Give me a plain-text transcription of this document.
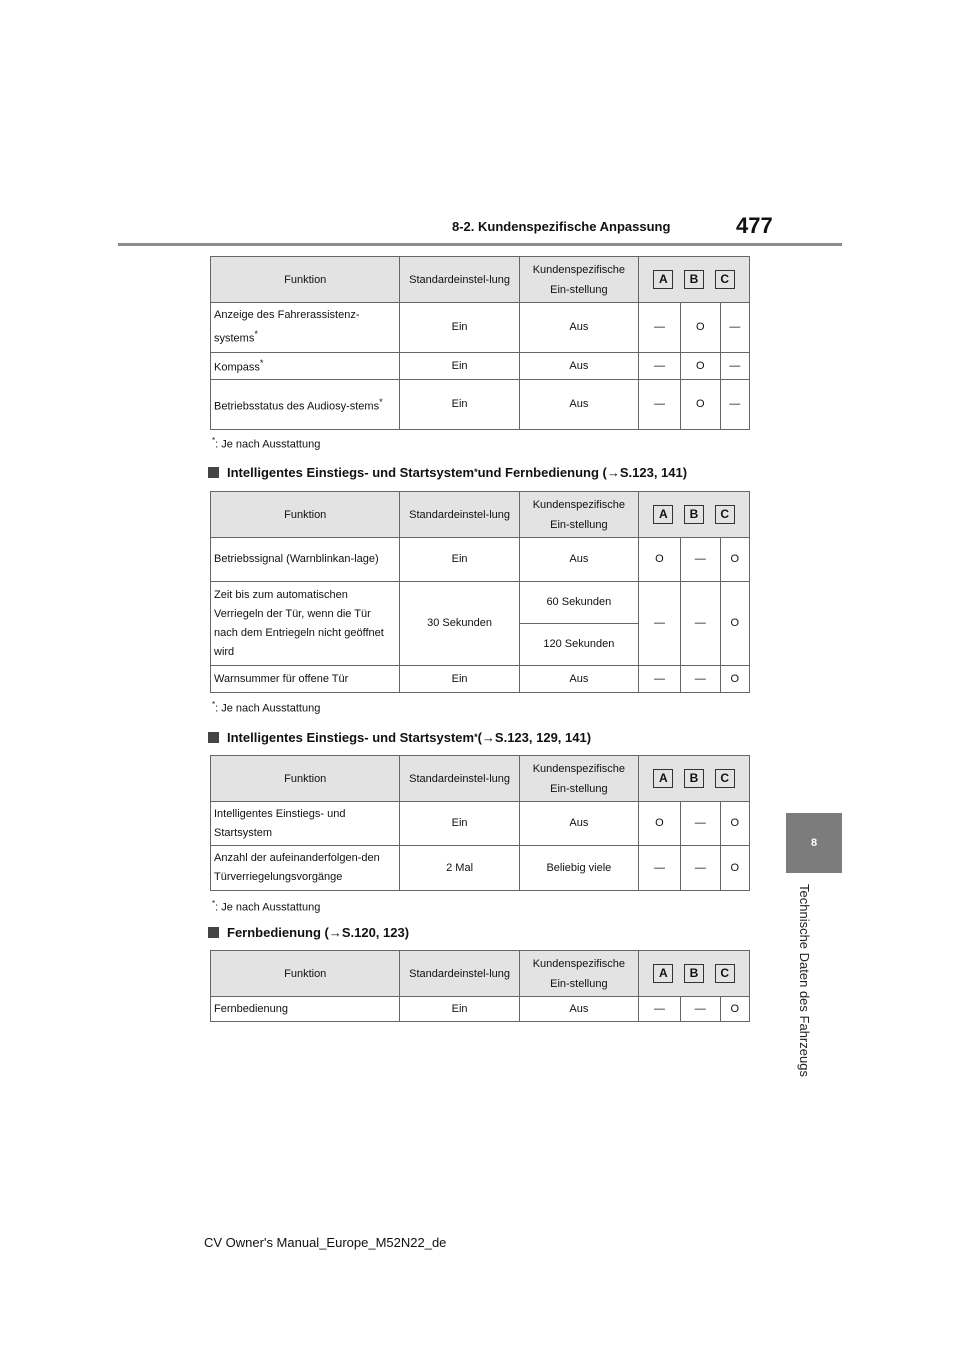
8-2. Kundenspezifische Anpassung	477
8
Technische Daten des Fahrzeugs
Funktion	Standardeinstel-lung	Kundenspezifische Ein-stellung	A B C		

Anzeige des Fahrerassistenz-systems*	Ein	Aus	—	O	—
Kompass*	Ein	Aus	—	O	—
Betriebsstatus des Audiosy-stems*	Ein	Aus	—	O	—
*: Je nach Ausstattung
Intelligentes Einstiegs- und Startsystem * und Fernbedienung (→S.123, 141)
Funktion	Standardeinstel-lung	Kundenspezifische Ein-stellung	A B C		

Betriebssignal (Warnblinkan-lage)	Ein	Aus	O	—	O
Zeit bis zum automatischen Verriegeln der Tür, wenn die Tür nach dem Entriegeln nicht geöffnet wird	30 Sekunden	60 Sekunden	—	—	O
		120 Sekunden			
Warnsummer für offene Tür	Ein	Aus	—	—	O
*: Je nach Ausstattung
Intelligentes Einstiegs- und Startsystem * (→S.123, 129, 141)
Funktion	Standardeinstel-lung	Kundenspezifische Ein-stellung	A B C		

Intelligentes Einstiegs- und Startsystem	Ein	Aus	O	—	O
Anzahl der aufeinanderfolgen-den Türverriegelungsvorgänge	2 Mal	Beliebig viele	—	—	O
*: Je nach Ausstattung
Fernbedienung (→S.120, 123)
Funktion	Standardeinstel-lung	Kundenspezifische Ein-stellung	A B C		

Fernbedienung	Ein	Aus	—	—	O
CV Owner's Manual_Europe_M52N22_de
